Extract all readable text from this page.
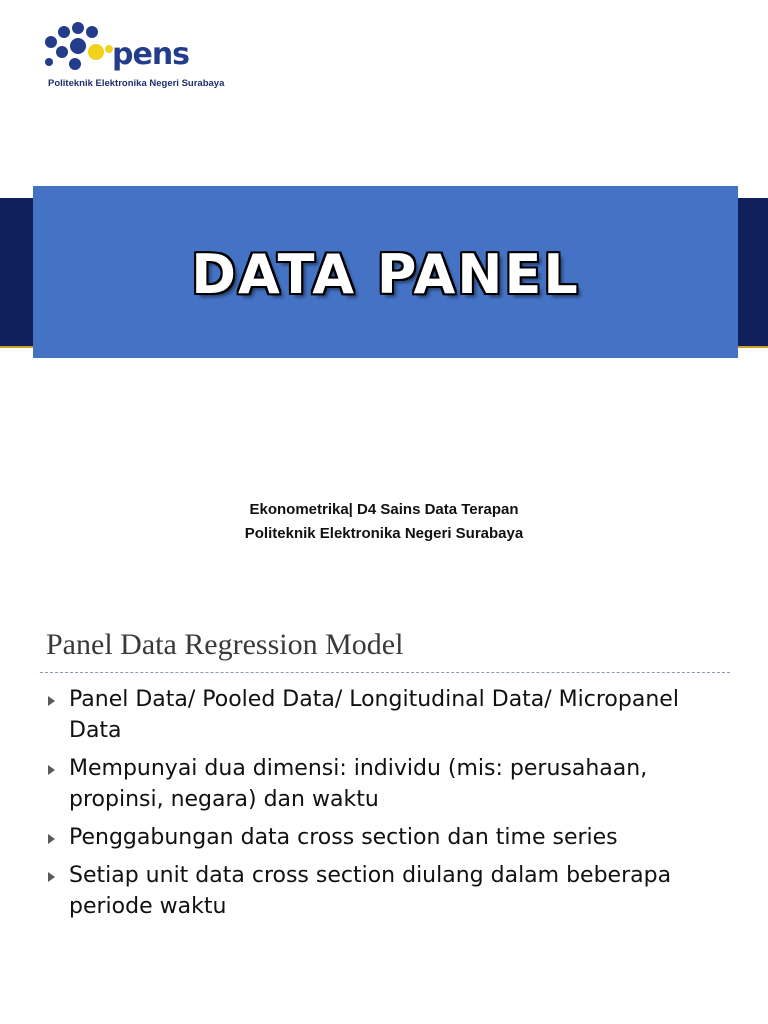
pens
Politeknik Elektronika Negeri Surabaya
DATA PANEL
Ekonometrika| D4 Sains Data Terapan
Politeknik Elektronika Negeri Surabaya
Panel Data Regression Model
Panel Data/ Pooled Data/ Longitudinal Data/ Micropanel Data
Mempunyai dua dimensi: individu (mis: perusahaan, propinsi, negara) dan waktu
Penggabungan data cross section dan time series
Setiap unit data cross section diulang dalam beberapa periode waktu
